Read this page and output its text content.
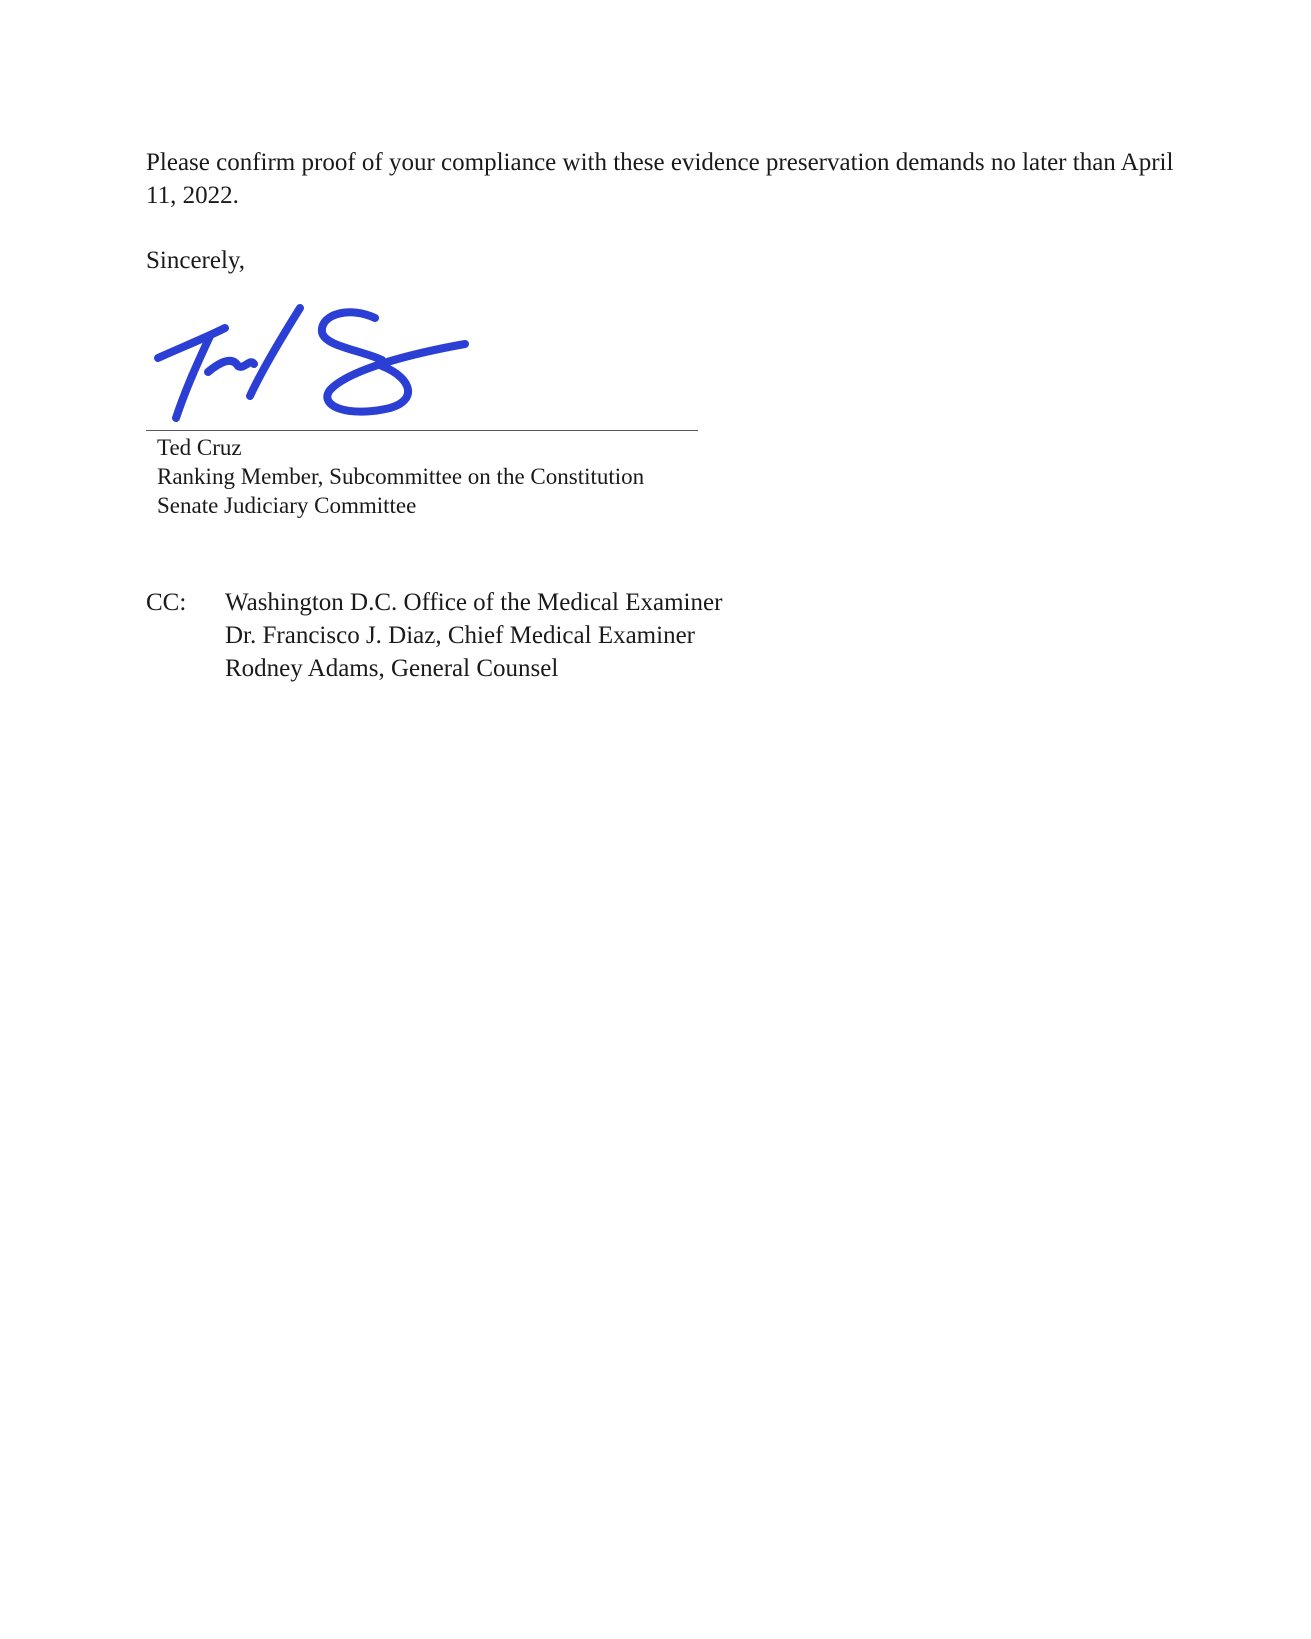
Please confirm proof of your compliance with these evidence preservation demands no later than April 11, 2022.
Sincerely,
Ted Cruz
Ranking Member, Subcommittee on the Constitution
Senate Judiciary Committee
CC: Washington D.C. Office of the Medical Examiner
Dr. Francisco J. Diaz, Chief Medical Examiner
Rodney Adams, General Counsel
